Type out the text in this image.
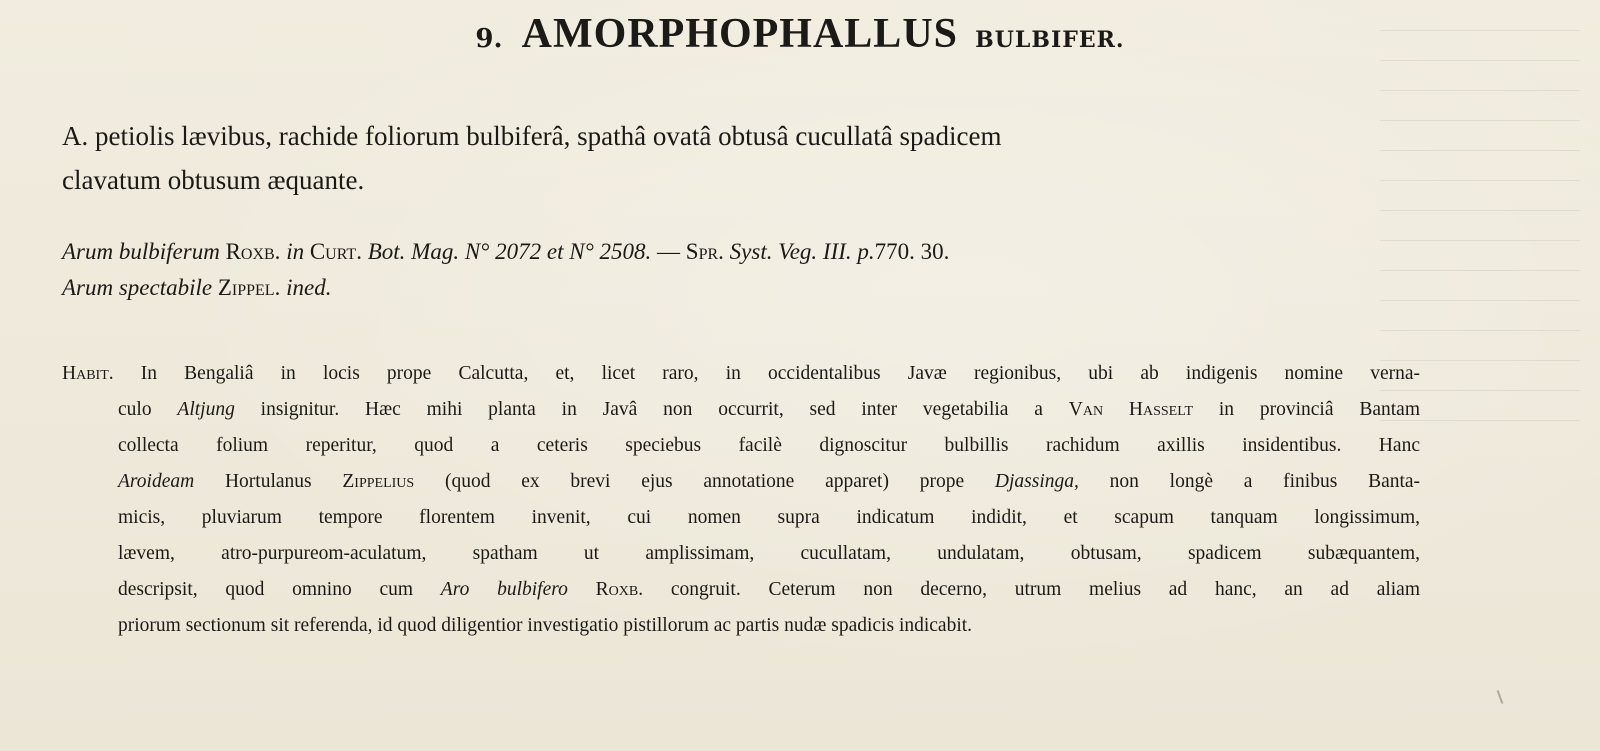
9. AMORPHOPHALLUS BULBIFER.
A. petiolis lævibus, rachide foliorum bulbiferâ, spathâ ovatâ obtusâ cucullatâ spadicem
clavatum obtusum æquante.
Arum bulbiferum Roxb. in Curt. Bot. Mag. N° 2072 et N° 2508. — Spr. Syst. Veg. III. p.770. 30.
Arum spectabile Zippel. ined.
Habit. In Bengaliâ in locis prope Calcutta, et, licet raro, in occidentalibus Javæ regionibus, ubi ab indigenis nomine verna-
culo Altjung insignitur. Hæc mihi planta in Javâ non occurrit, sed inter vegetabilia a Van Hasselt in provinciâ Bantam
collecta folium reperitur, quod a ceteris speciebus facilè dignoscitur bulbillis rachidum axillis insidentibus. Hanc
Aroideam Hortulanus Zippelius (quod ex brevi ejus annotatione apparet) prope Djassinga, non longè a finibus Banta-
micis, pluviarum tempore florentem invenit, cui nomen supra indicatum indidit, et scapum tanquam longissimum,
lævem, atro-purpureom-aculatum, spatham ut amplissimam, cucullatam, undulatam, obtusam, spadicem subæquantem,
descripsit, quod omnino cum Aro bulbifero Roxb. congruit. Ceterum non decerno, utrum melius ad hanc, an ad aliam
priorum sectionum sit referenda, id quod diligentior investigatio pistillorum ac partis nudæ spadicis indicabit.
